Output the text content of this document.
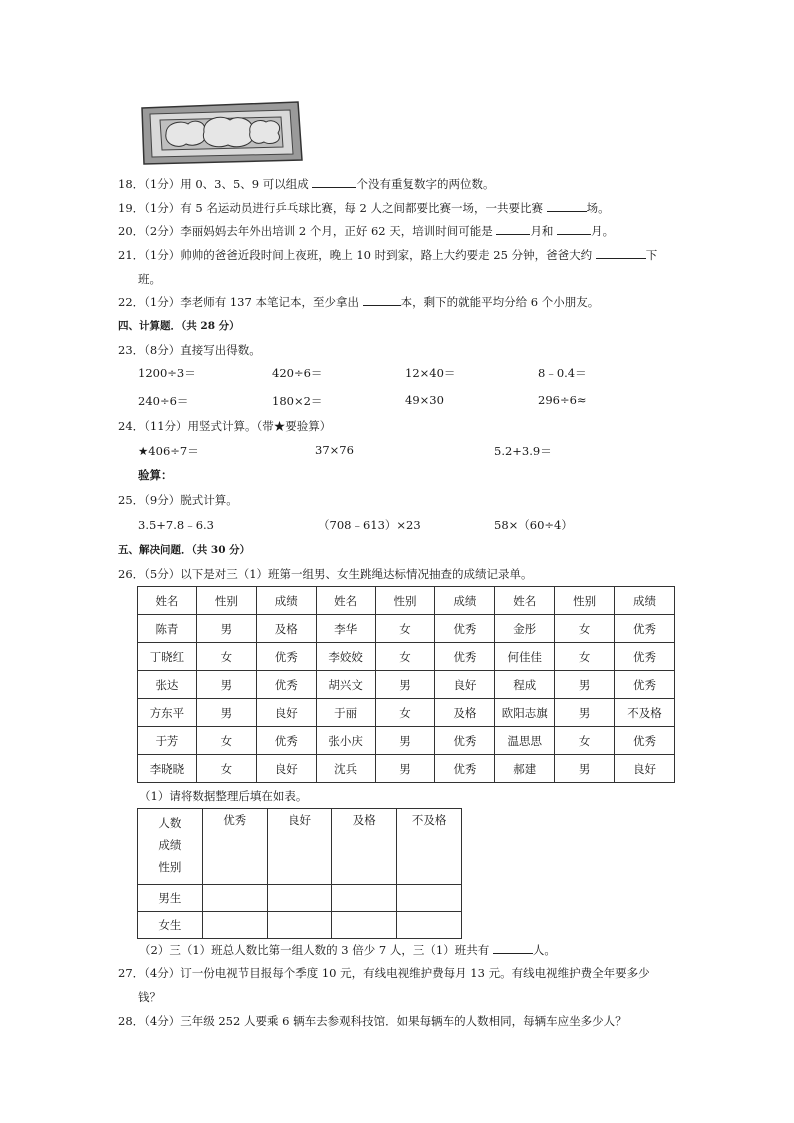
18．（1分）用 0、3、5、9 可以组成	个没有重复数字的两位数。
19．（1分）有 5 名运动员进行乒乓球比赛，每 2 人之间都要比赛一场，一共要比赛	场。
20．（2分）李丽妈妈去年外出培训 2 个月，正好 62 天，培训时间可能是	月和	月。
21．（1分）帅帅的爸爸近段时间上夜班，晚上 10 时到家，路上大约要走 25 分钟，爸爸大约	下
班。
22．（1分）李老师有 137 本笔记本，至少拿出	本，剩下的就能平均分给 6 个小朋友。
四、计算题．（共 28 分）
23．（8分）直接写出得数。
1200÷3＝	420÷6＝	12×40＝	8﹣0.4＝
240÷6＝	180×2＝	49×30	296÷6≈
24．（11分）用竖式计算。（带★要验算）
★406÷7＝	37×76	5.2+3.9＝
验算：
25．（9分）脱式计算。
3.5+7.8﹣6.3	（708﹣613）×23	58×（60÷4）
五、解决问题．（共 30 分）
26．（5分）以下是对三（1）班第一组男、女生跳绳达标情况抽查的成绩记录单。
姓名	性别	成绩	姓名	性别	成绩	姓名	性别	成绩
陈青	男	及格	李华	女	优秀	金彤	女	优秀
丁晓红	女	优秀	李姣姣	女	优秀	何佳佳	女	优秀
张达	男	优秀	胡兴文	男	良好	程成	男	优秀
方东平	男	良好	于丽	女	及格	欧阳志旗	男	不及格
于芳	女	优秀	张小庆	男	优秀	温思思	女	优秀
李晓晓	女	良好	沈兵	男	优秀	郝建	男	良好
（1）请将数据整理后填在如表。
人数
成绩
性别	优秀	良好	及格	不及格
男生				
女生				
（2）三（1）班总人数比第一组人数的 3 倍少 7 人，三（1）班共有	人。
27．（4分）订一份电视节目报每个季度 10 元，有线电视维护费每月 13 元。有线电视维护费全年要多少
钱？
28．（4分）三年级 252 人要乘 6 辆车去参观科技馆．如果每辆车的人数相同，每辆车应坐多少人？
